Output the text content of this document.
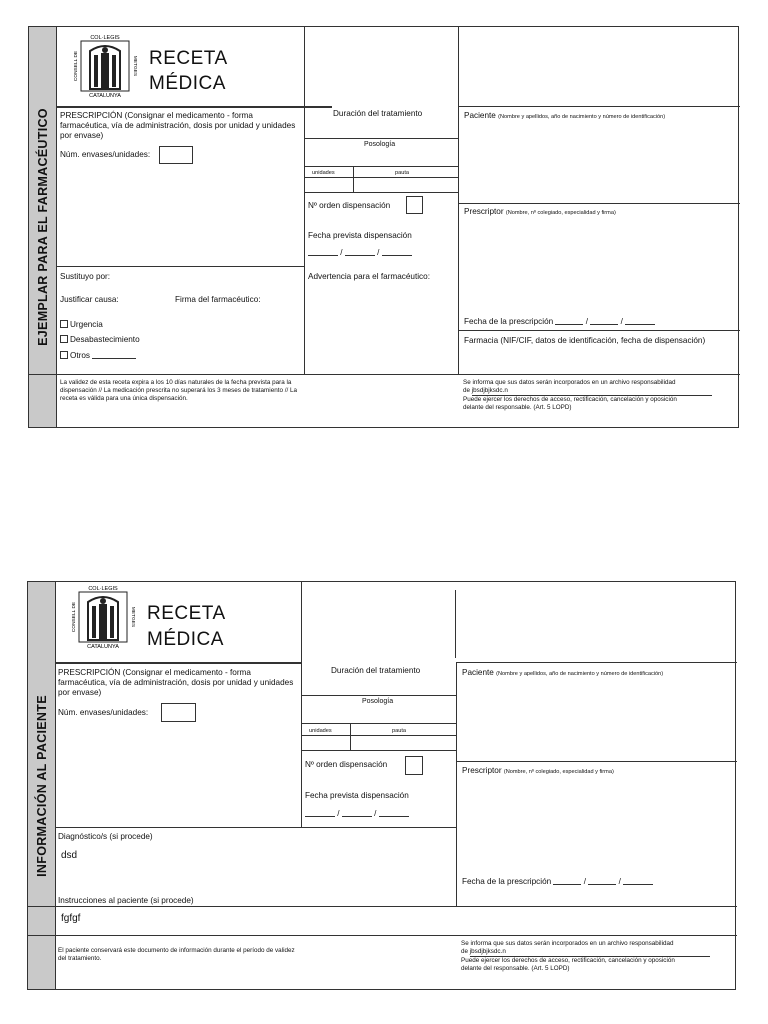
EJEMPLAR PARA EL FARMACÉUTICO
COL·LEGIS
CATALUNYA
CONSELL DE	METGES RECETA
MÉDICA
PRESCRIPCIÓN (Consignar el medicamento - forma farmacéutica, vía de administración, dosis por unidad y unidades por envase)
Núm. envases/unidades:
Duración del tratamiento
Posología
unidades	pauta
Nº orden dispensación
Fecha prevista dispensación
/	/
Sustituyo por:
Justificar causa:	Firma del farmacéutico:
Urgencia
Desabastecimiento
Otros
Advertencia para el farmacéutico:
Paciente (Nombre y apellidos, año de nacimiento y número de identificación)
Prescriptor (Nombre, nº colegiado, especialidad y firma)
Fecha de la prescripción	/	/
Farmacia (NIF/CIF, datos de identificación, fecha de dispensación)
La validez de esta receta expira a los 10 días naturales de la fecha prevista para la dispensación // La medicación prescrita no superará los 3 meses de tratamiento // La receta es válida para una única dispensación.
Se informa que sus datos serán incorporados en un archivo responsabilidad
de jbsdjbjksdc.n
Puede ejercer los derechos de acceso, rectificación, cancelación y oposición
delante del responsable. (Art. 5 LOPD)
INFORMACIÓN AL PACIENTE
COL·LEGIS
CATALUNYA
CONSELL DE	METGES RECETA
MÉDICA
PRESCRIPCIÓN (Consignar el medicamento - forma farmacéutica, vía de administración, dosis por unidad y unidades por envase)
Núm. envases/unidades:
Duración del tratamiento
Posología
unidades	pauta
Nº orden dispensación
Fecha prevista dispensación
/	/
Diagnóstico/s (si procede)
dsd
Paciente (Nombre y apellidos, año de nacimiento y número de identificación)
Prescriptor (Nombre, nº colegiado, especialidad y firma)
Fecha de la prescripción	/	/
Instrucciones al paciente (si procede)
fgfgf
El paciente conservará este documento de información durante el período de validez del tratamiento.
Se informa que sus datos serán incorporados en un archivo responsabilidad
de jbsdjbjksdc.n
Puede ejercer los derechos de acceso, rectificación, cancelación y oposición
delante del responsable. (Art. 5 LOPD)
